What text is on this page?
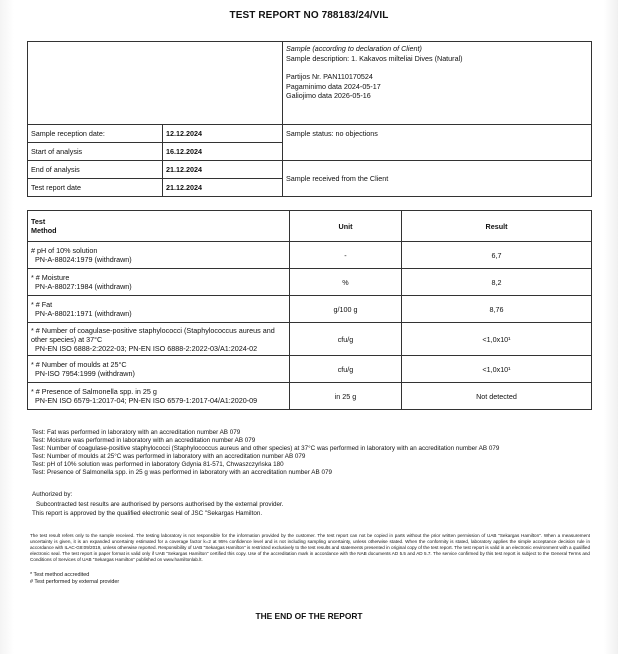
TEST REPORT NO 788183/24/VIL

		Sample (according to declaration of Client)
Sample description: 1. Kakavos milteliai Dives (Natural)
Partijos Nr. PAN110170524
Pagaminimo data 2024-05-17
Galiojimo data 2026-05-16

Sample reception date:	12.12.2024	Sample status: no objections
Start of analysis	16.12.2024	
End of analysis	21.12.2024	Sample received from the Client
Test report date	21.12.2024	
Test
Method	Unit	Result

# pH of 10% solution
PN-A-88024:1979 (withdrawn)	-	6,7

* # Moisture
PN-A-88027:1984 (withdrawn)	%	8,2

* # Fat
PN-A-88021:1971 (withdrawn)	g/100 g	8,76

* # Number of coagulase-positive staphylococci (Staphylococcus aureus and other species) at 37°C
PN-EN ISO 6888-2:2022-03; PN-EN ISO 6888-2:2022-03/A1:2024-02	cfu/g	<1,0x10¹

* # Number of moulds at 25°C
PN-ISO 7954:1999 (withdrawn)	cfu/g	<1,0x10¹

* # Presence of Salmonella spp. in 25 g
PN-EN ISO 6579-1:2017-04; PN-EN ISO 6579-1:2017-04/A1:2020-09	in 25 g	Not detected
Test: Fat was performed in laboratory with an accreditation number AB 079
Test: Moisture was performed in laboratory with an accreditation number AB 079
Test: Number of coagulase-positive staphylococci (Staphylococcus aureus and other species) at 37°C was performed in laboratory with an accreditation number AB 079
Test: Number of moulds at 25°C was performed in laboratory with an accreditation number AB 079
Test: pH of 10% solution was performed in laboratory Gdynia 81-571, Chwaszczyńska 180
Test: Presence of Salmonella spp. in 25 g was performed in laboratory with an accreditation number AB 079
Authorized by:
Subcontracted test results are authorised by persons authorised by the external provider.
This report is approved by the qualified electronic seal of JSC "Sekargas Hamilton.
The test result refers only to the sample received. The testing laboratory is not responsible for the information provided by the customer. The test report can not be copied in parts without the prior written permission of UAB "Sekargas Hamilton". When a measurement uncertainty is given, it is an expanded uncertainty estimated for a coverage factor k=2 at 95% confidence level and is not including sampling uncertainty, unless otherwise stated. When the conformity is stated, laboratory applies the simple acceptance decision rule in accordance with ILAC-G8:09/2019, unless otherwise reported. Responsibility of UAB "Sekargas Hamilton" is restricted exclusively to the test results and statements presented in original copy of the test report. The test report is valid in an electronic environment with a qualified electronic seal. The test report in paper format is valid only if UAB "Sekargas Hamilton" certified this copy. Use of the accreditation mark in accordance with the NAB documents AD 5.5 and AD 5.7. The service confirmed by this test report is subject to the General Terms and Conditions of Services of UAB "Sekargas Hamilton" published on www.hamiltonlab.lt.
* Test method accredited
# Test performed by external provider
THE END OF THE REPORT
